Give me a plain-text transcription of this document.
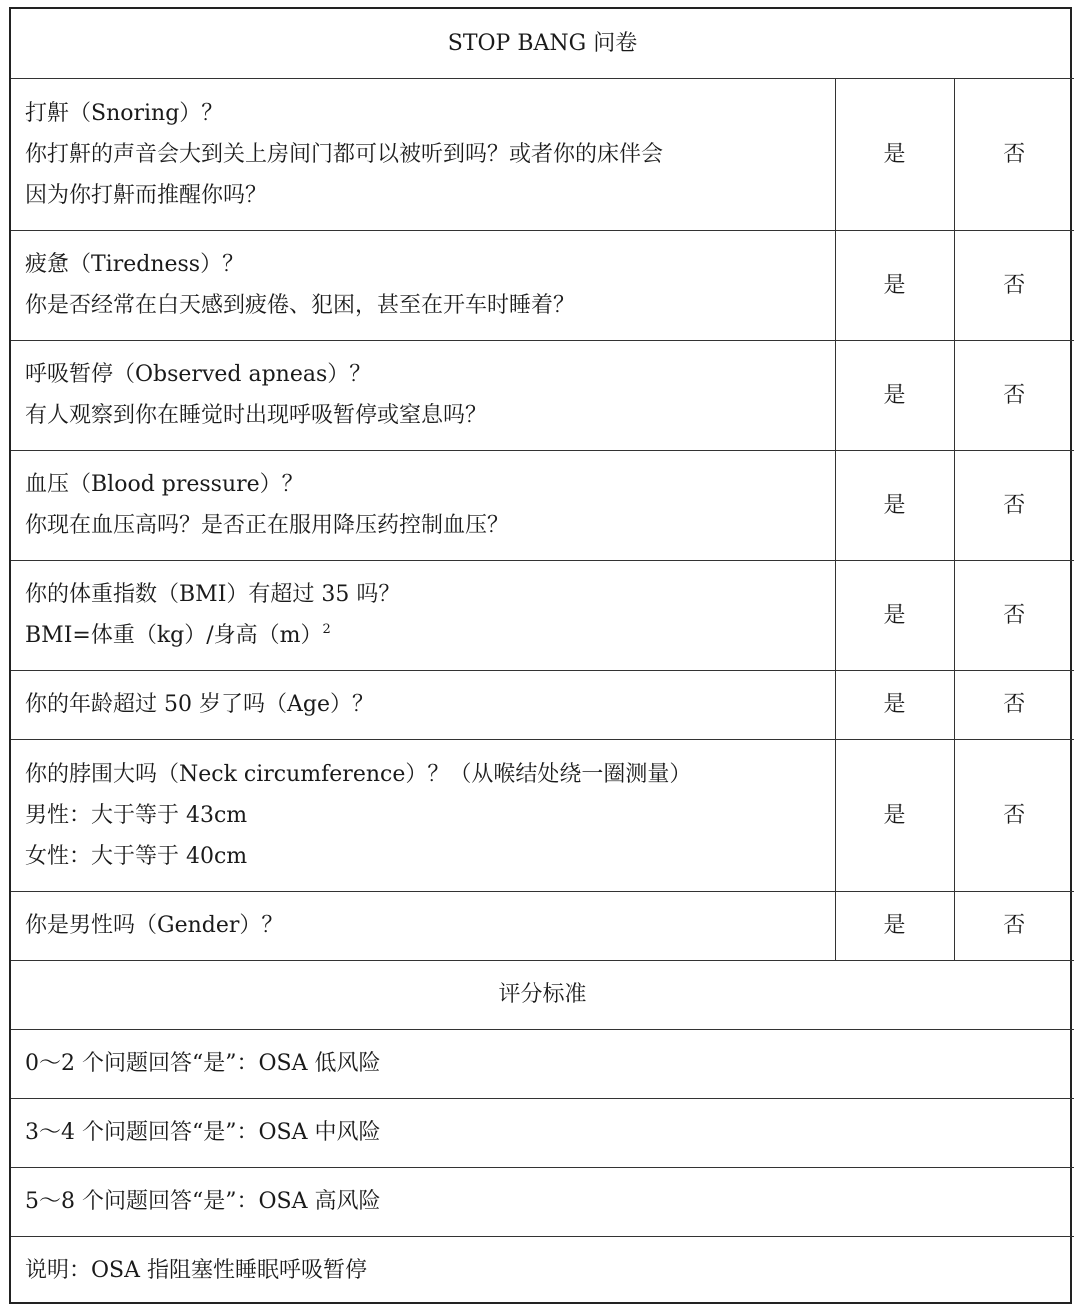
STOP BANG 问卷		

打鼾（Snoring）？
你打鼾的声音会大到关上房间门都可以被听到吗？或者你的床伴会
因为你打鼾而推醒你吗？	是	否

疲惫（Tiredness）？
你是否经常在白天感到疲倦、犯困，甚至在开车时睡着？	是	否

呼吸暂停（Observed apneas）？
有人观察到你在睡觉时出现呼吸暂停或窒息吗？	是	否

血压（Blood pressure）？
你现在血压高吗？是否正在服用降压药控制血压？	是	否

你的体重指数（BMI）有超过 35 吗？
BMI=体重（kg）/身高$(m)^2$	是	否

你的年龄超过 50 岁了吗（Age）？	是	否

你的脖围大吗（Neck circumference）？（从喉结处绕一圈测量）
男性：大于等于 43cm
女性：大于等于 40cm	是	否

你是男性吗（Gender）？	是	否
评分标准		
0～2 个问题回答“是”：OSA 低风险		
3～4 个问题回答“是”：OSA 中风险		
5～8 个问题回答“是”：OSA 高风险		
说明：OSA 指阻塞性睡眠呼吸暂停		
